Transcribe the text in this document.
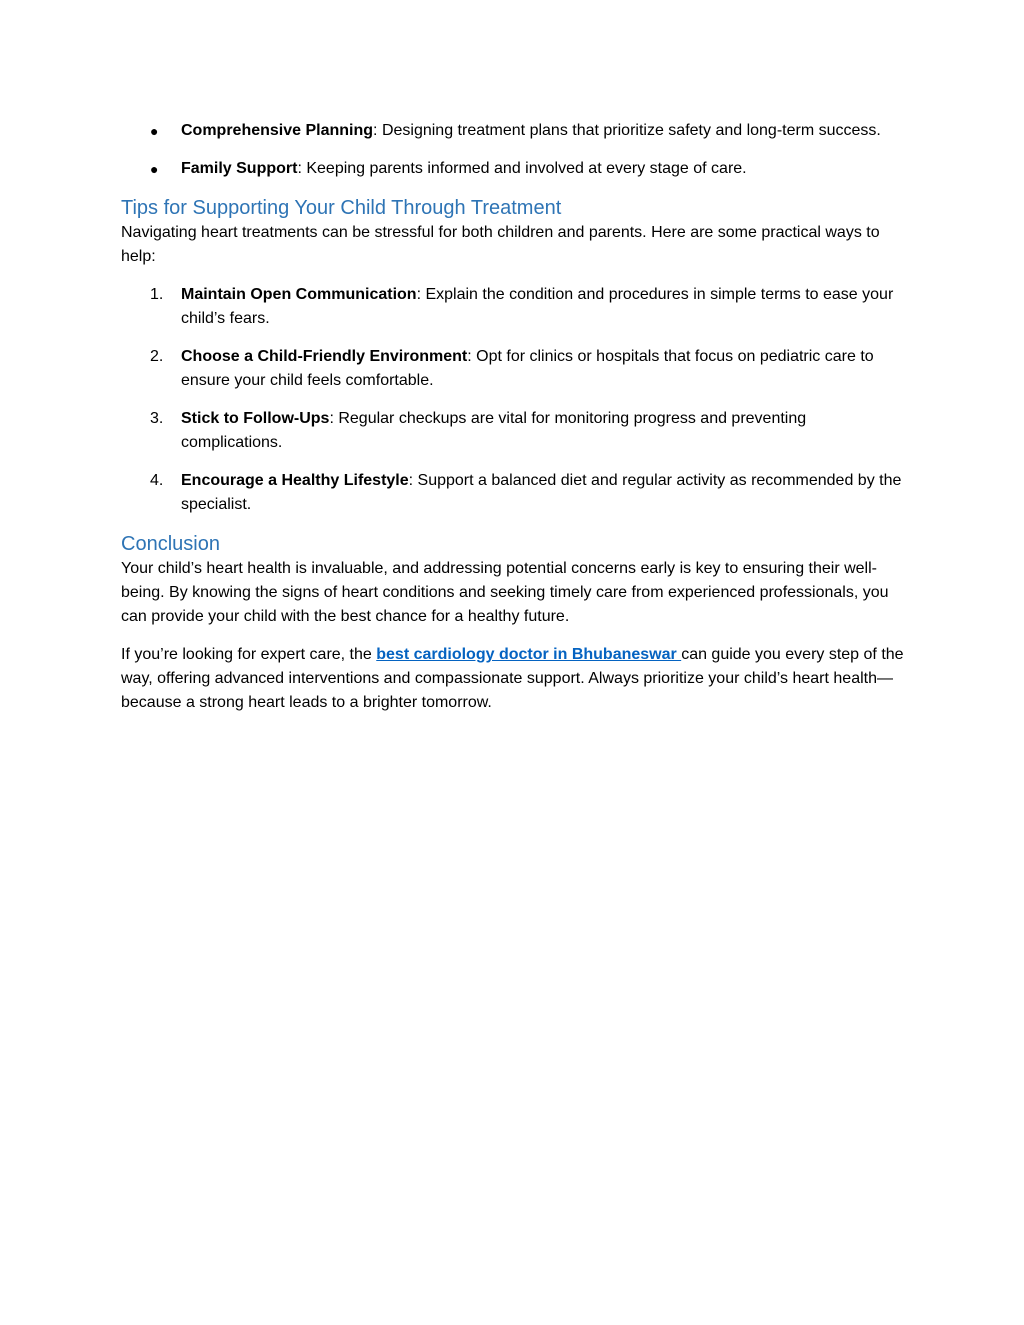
●	Comprehensive Planning: Designing treatment plans that prioritize safety and long-term success.
●	Family Support: Keeping parents informed and involved at every stage of care.
Tips for Supporting Your Child Through Treatment

Navigating heart treatments can be stressful for both children and parents. Here are some practical ways to help:

1.	Maintain Open Communication: Explain the condition and procedures in simple terms to ease your child’s fears.
2.	Choose a Child-Friendly Environment: Opt for clinics or hospitals that focus on pediatric care to ensure your child feels comfortable.
3.	Stick to Follow-Ups: Regular checkups are vital for monitoring progress and preventing complications.
4.	Encourage a Healthy Lifestyle: Support a balanced diet and regular activity as recommended by the specialist.
Conclusion

Your child’s heart health is invaluable, and addressing potential concerns early is key to ensuring their well-being. By knowing the signs of heart conditions and seeking timely care from experienced professionals, you can provide your child with the best chance for a healthy future.

If you’re looking for expert care, the best cardiology doctor in Bhubaneswar can guide you every step of the way, offering advanced interventions and compassionate support. Always prioritize your child’s heart health—because a strong heart leads to a brighter tomorrow.
